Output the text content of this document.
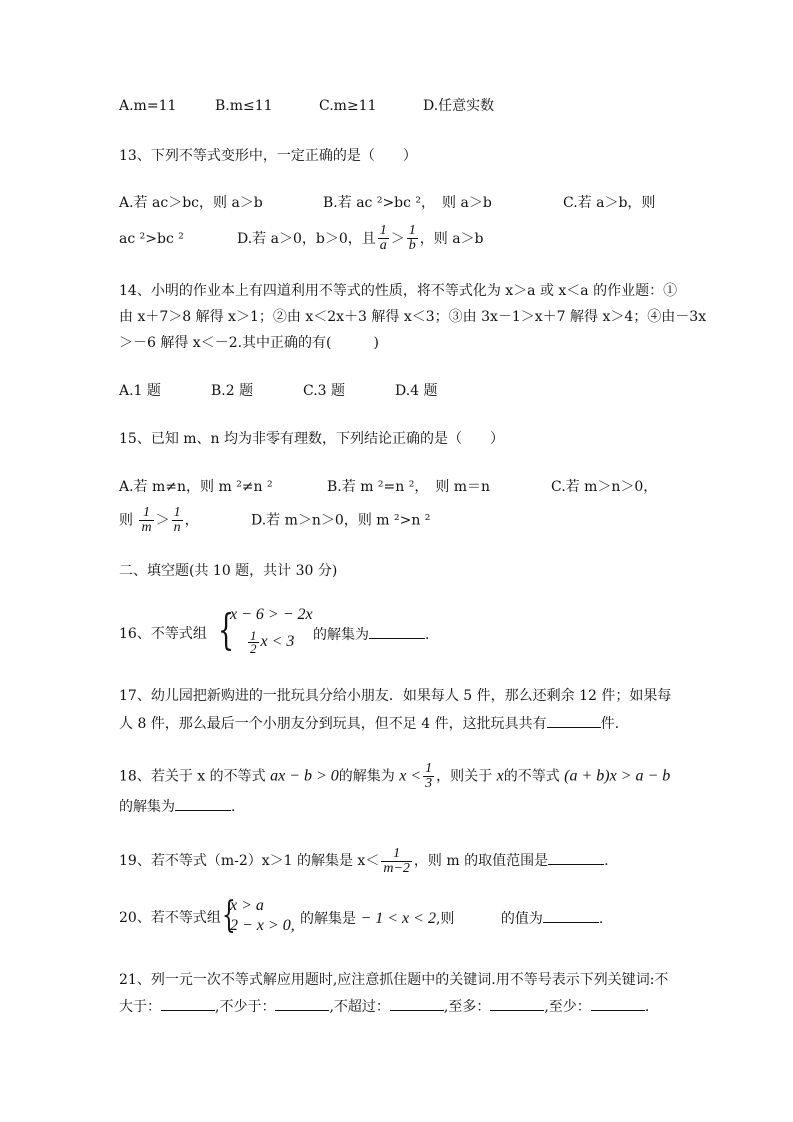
A.m=11	B.m≤11	C.m≥11	D.任意实数
13、下列不等式变形中，一定正确的是（　　）
A.若 ac＞bc，则 a＞b	B.若 ac ²>bc ²，　则 a＞b	C.若 a＞b，则
ac ²>bc ²	D.若 a＞0，b＞0，且 $\frac{1}{a} > \frac{1}{b}$ ，则 a＞b
14、小明的作业本上有四道利用不等式的性质，将不等式化为 x＞a 或 x＜a 的作业题：①
由 x＋7＞8 解得 x＞1；②由 x＜2x＋3 解得 x＜3；③由 3x－1＞x＋7 解得 x＞4；④由－3x
＞－6 解得 x＜－2.其中正确的有(　　　)
A.1 题	B.2 题	C.3 题	D.4 题
15、已知 m、n 均为非零有理数，下列结论正确的是（　　）
A.若 m≠n，则 m ²≠n ²	B.若 m ²=n ²，　则 m＝n	C.若 m＞n＞0，
则 $\frac{1}{m} > \frac{1}{n}$ ，	D.若 m＞n＞0，则 m ²>n ²
二、填空题(共 10 题，共计 30 分)
16、不等式组 {
x − 6 > − 2x
$\frac{1}{2}$ x < 3 的解集为	.
17、幼儿园把新购进的一批玩具分给小朋友．如果每人 5 件，那么还剩余 12 件；如果每
人 8 件，那么最后一个小朋友分到玩具，但不足 4 件，这批玩具共有	件.
18、若关于 x 的不等式 ax − b > 0的解集为 $x < \frac{1}{3}$ ，则关于 x的不等式 (a + b)x > a − b
的解集为	.
19、若不等式（m-2）x＞1 的解集是 $x< \frac{1}{m-2}$ ，则 m 的取值范围是	.
20、若不等式组 {
x > a
2 − x > 0, 的解集是 − 1 < x < 2,则　　　 的值为	.
21、列一元一次不等式解应用题时,应注意抓住题中的关键词.用不等号表示下列关键词:不
大于：	,不少于：	,不超过：	,至多：	,至少：	.
